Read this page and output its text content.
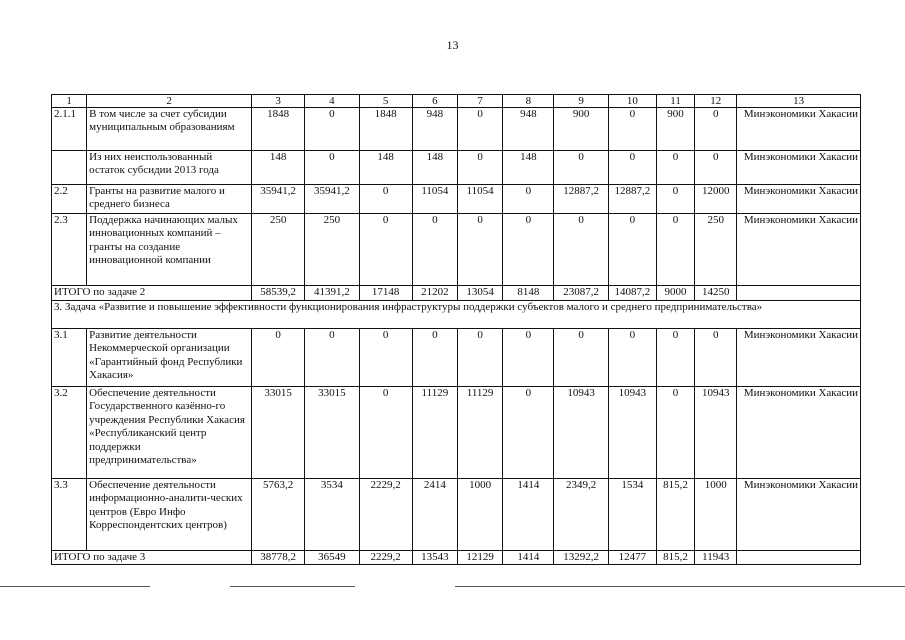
13
1	2	3	4	5	6	7	8	9	10	11	12	13
2.1.1	В том числе за счет субсидии муниципальным образованиям	1848	0	1848	948	0	948	900	0	900	0	Минэкономики Хакасии
	Из них неиспользованный остаток субсидии 2013 года	148	0	148	148	0	148	0	0	0	0	Минэкономики Хакасии
2.2	Гранты на развитие малого и среднего бизнеса	35941,2	35941,2	0	11054	11054	0	12887,2	12887,2	0	12000	Минэкономики Хакасии
2.3	Поддержка начинающих малых инновационных компаний – гранты на создание инновационной компании	250	250	0	0	0	0	0	0	0	250	Минэкономики Хакасии
ИТОГО по задаче 2		58539,2	41391,2	17148	21202	13054	8148	23087,2	14087,2	9000	14250	
3. Задача «Развитие и повышение эффективности функционирования инфраструктуры поддержки субъектов малого и среднего предпринимательства»												
3.1	Развитие деятельности Некоммерческой организации «Гарантийный фонд Республики Хакасия»	0	0	0	0	0	0	0	0	0	0	Минэкономики Хакасии
3.2	Обеспечение деятельности Государственного казённо-го учреждения Республики Хакасия «Республиканский центр поддержки предпринимательства»	33015	33015	0	11129	11129	0	10943	10943	0	10943	Минэкономики Хакасии
3.3	Обеспечение деятельности информационно-аналити-ческих центров (Евро Инфо Корреспондентских центров)	5763,2	3534	2229,2	2414	1000	1414	2349,2	1534	815,2	1000	Минэкономики Хакасии
ИТОГО по задаче 3		38778,2	36549	2229,2	13543	12129	1414	13292,2	12477	815,2	11943	
